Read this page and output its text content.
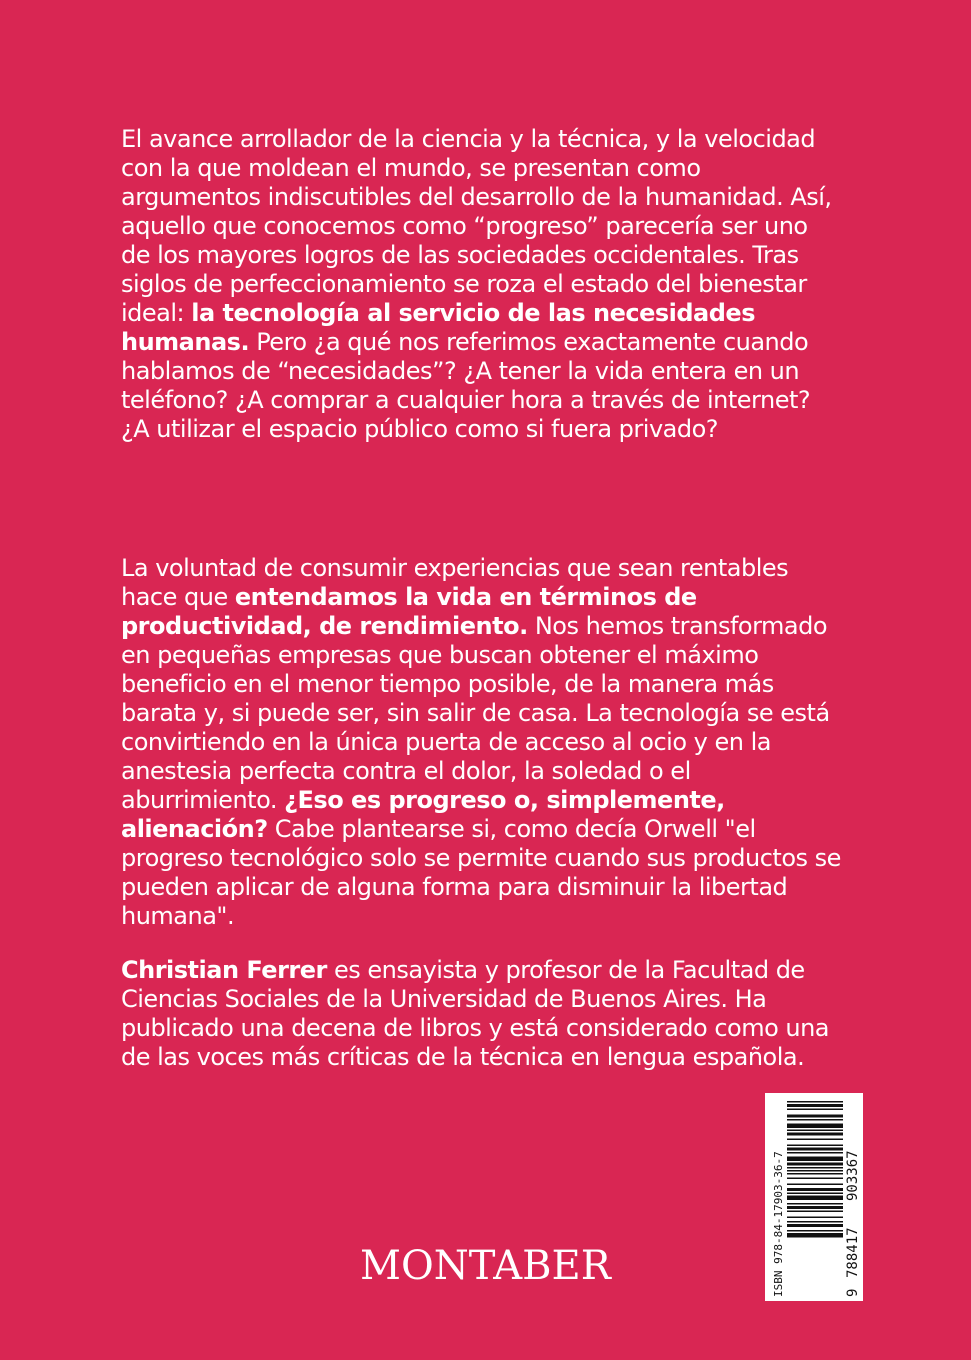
El avance arrollador de la ciencia y la técnica, y la velocidad con la que moldean el mundo, se presentan como argumentos indiscutibles del desarrollo de la humanidad. Así, aquello que conocemos como “progreso” parecería ser uno de los mayores logros de las sociedades occidentales. Tras siglos de perfeccionamiento se roza el estado del bienestar ideal: la tecnología al servicio de las necesidades humanas. Pero ¿a qué nos referimos exactamente cuando hablamos de “necesidades”? ¿A tener la vida entera en un teléfono? ¿A comprar a cualquier hora a través de internet? ¿A utilizar el espacio público como si fuera privado?

La voluntad de consumir experiencias que sean rentables hace que entendamos la vida en términos de productividad, de rendimiento. Nos hemos transformado en pequeñas empresas que buscan obtener el máximo beneficio en el menor tiempo posible, de la manera más barata y, si puede ser, sin salir de casa. La tecnología se está convirtiendo en la única puerta de acceso al ocio y en la anestesia perfecta contra el dolor, la soledad o el aburrimiento. ¿Eso es progreso o, simplemente, alienación? Cabe plantearse si, como decía Orwell "el progreso tecnológico solo se permite cuando sus productos se pueden aplicar de alguna forma para disminuir la libertad humana".

Christian Ferrer es ensayista y profesor de la Facultad de Ciencias Sociales de la Universidad de Buenos Aires. Ha publicado una decena de libros y está considerado como una de las voces más críticas de la técnica en lengua española.

ISBN 978-84-17903-36-7	9
788417
903367
MONTABER
